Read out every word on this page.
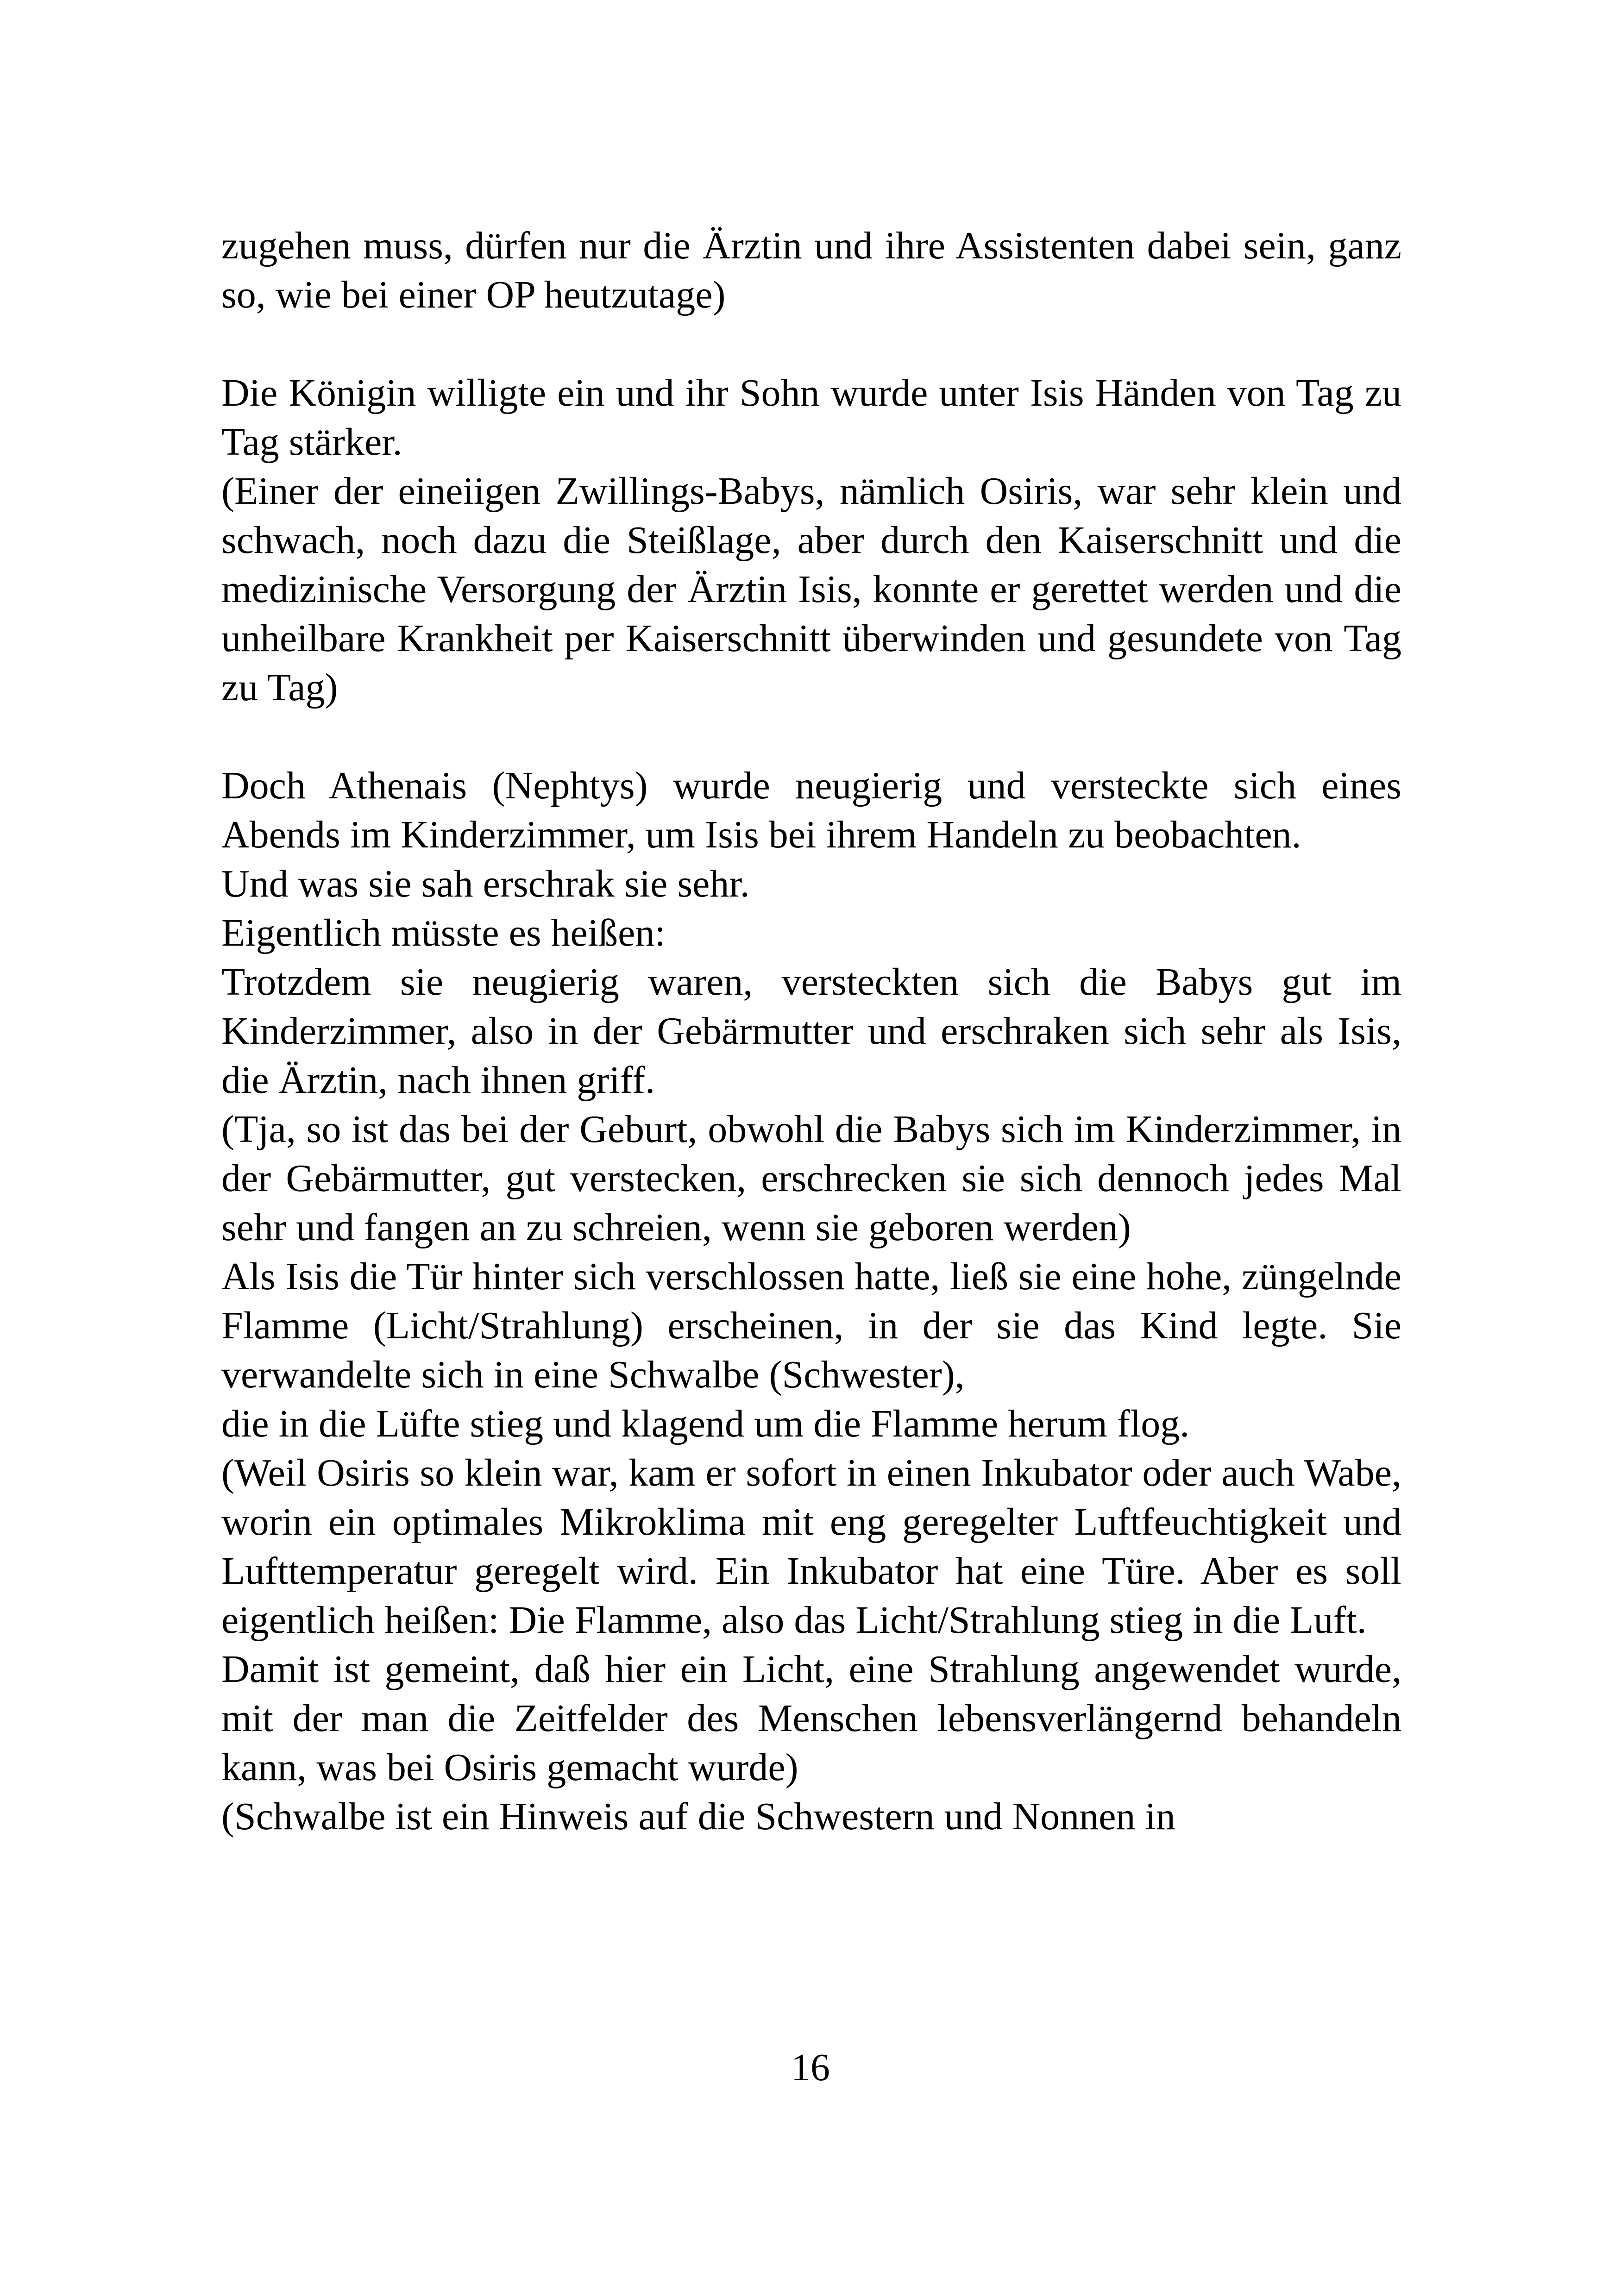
zugehen muss, dürfen nur die Ärztin und ihre Assistenten dabei sein, ganz so, wie bei einer OP heutzutage)

Die Königin willigte ein und ihr Sohn wurde unter Isis Händen von Tag zu Tag stärker.

(Einer der eineiigen Zwillings-Babys, nämlich Osiris, war sehr klein und schwach, noch dazu die Steißlage, aber durch den Kaiserschnitt und die medizinische Versorgung der Ärztin Isis, konnte er gerettet werden und die unheilbare Krankheit per Kaiserschnitt überwinden und gesundete von Tag zu Tag)

Doch Athenais (Nephtys) wurde neugierig und versteckte sich eines Abends im Kinderzimmer, um Isis bei ihrem Handeln zu beobachten.

Und was sie sah erschrak sie sehr.

Eigentlich müsste es heißen:

Trotzdem sie neugierig waren, versteckten sich die Babys gut im Kinderzimmer, also in der Gebärmutter und erschraken sich sehr als Isis, die Ärztin, nach ihnen griff.

(Tja, so ist das bei der Geburt, obwohl die Babys sich im Kinderzimmer, in der Gebärmutter, gut verstecken, erschrecken sie sich dennoch jedes Mal sehr und fangen an zu schreien, wenn sie geboren werden)

Als Isis die Tür hinter sich verschlossen hatte, ließ sie eine hohe, züngelnde Flamme (Licht/Strahlung) erscheinen, in der sie das Kind legte. Sie verwandelte sich in eine Schwalbe (Schwester),

die in die Lüfte stieg und klagend um die Flamme herum flog.

(Weil Osiris so klein war, kam er sofort in einen Inkubator oder auch Wabe, worin ein optimales Mikroklima mit eng geregelter Luftfeuchtigkeit und Lufttemperatur geregelt wird. Ein Inkubator hat eine Türe. Aber es soll eigentlich heißen: Die Flamme, also das Licht/Strahlung stieg in die Luft.

Damit ist gemeint, daß hier ein Licht, eine Strahlung angewendet wurde, mit der man die Zeitfelder des Menschen lebensverlängernd behandeln kann, was bei Osiris gemacht wurde)

(Schwalbe ist ein Hinweis auf die Schwestern und Nonnen in

16
